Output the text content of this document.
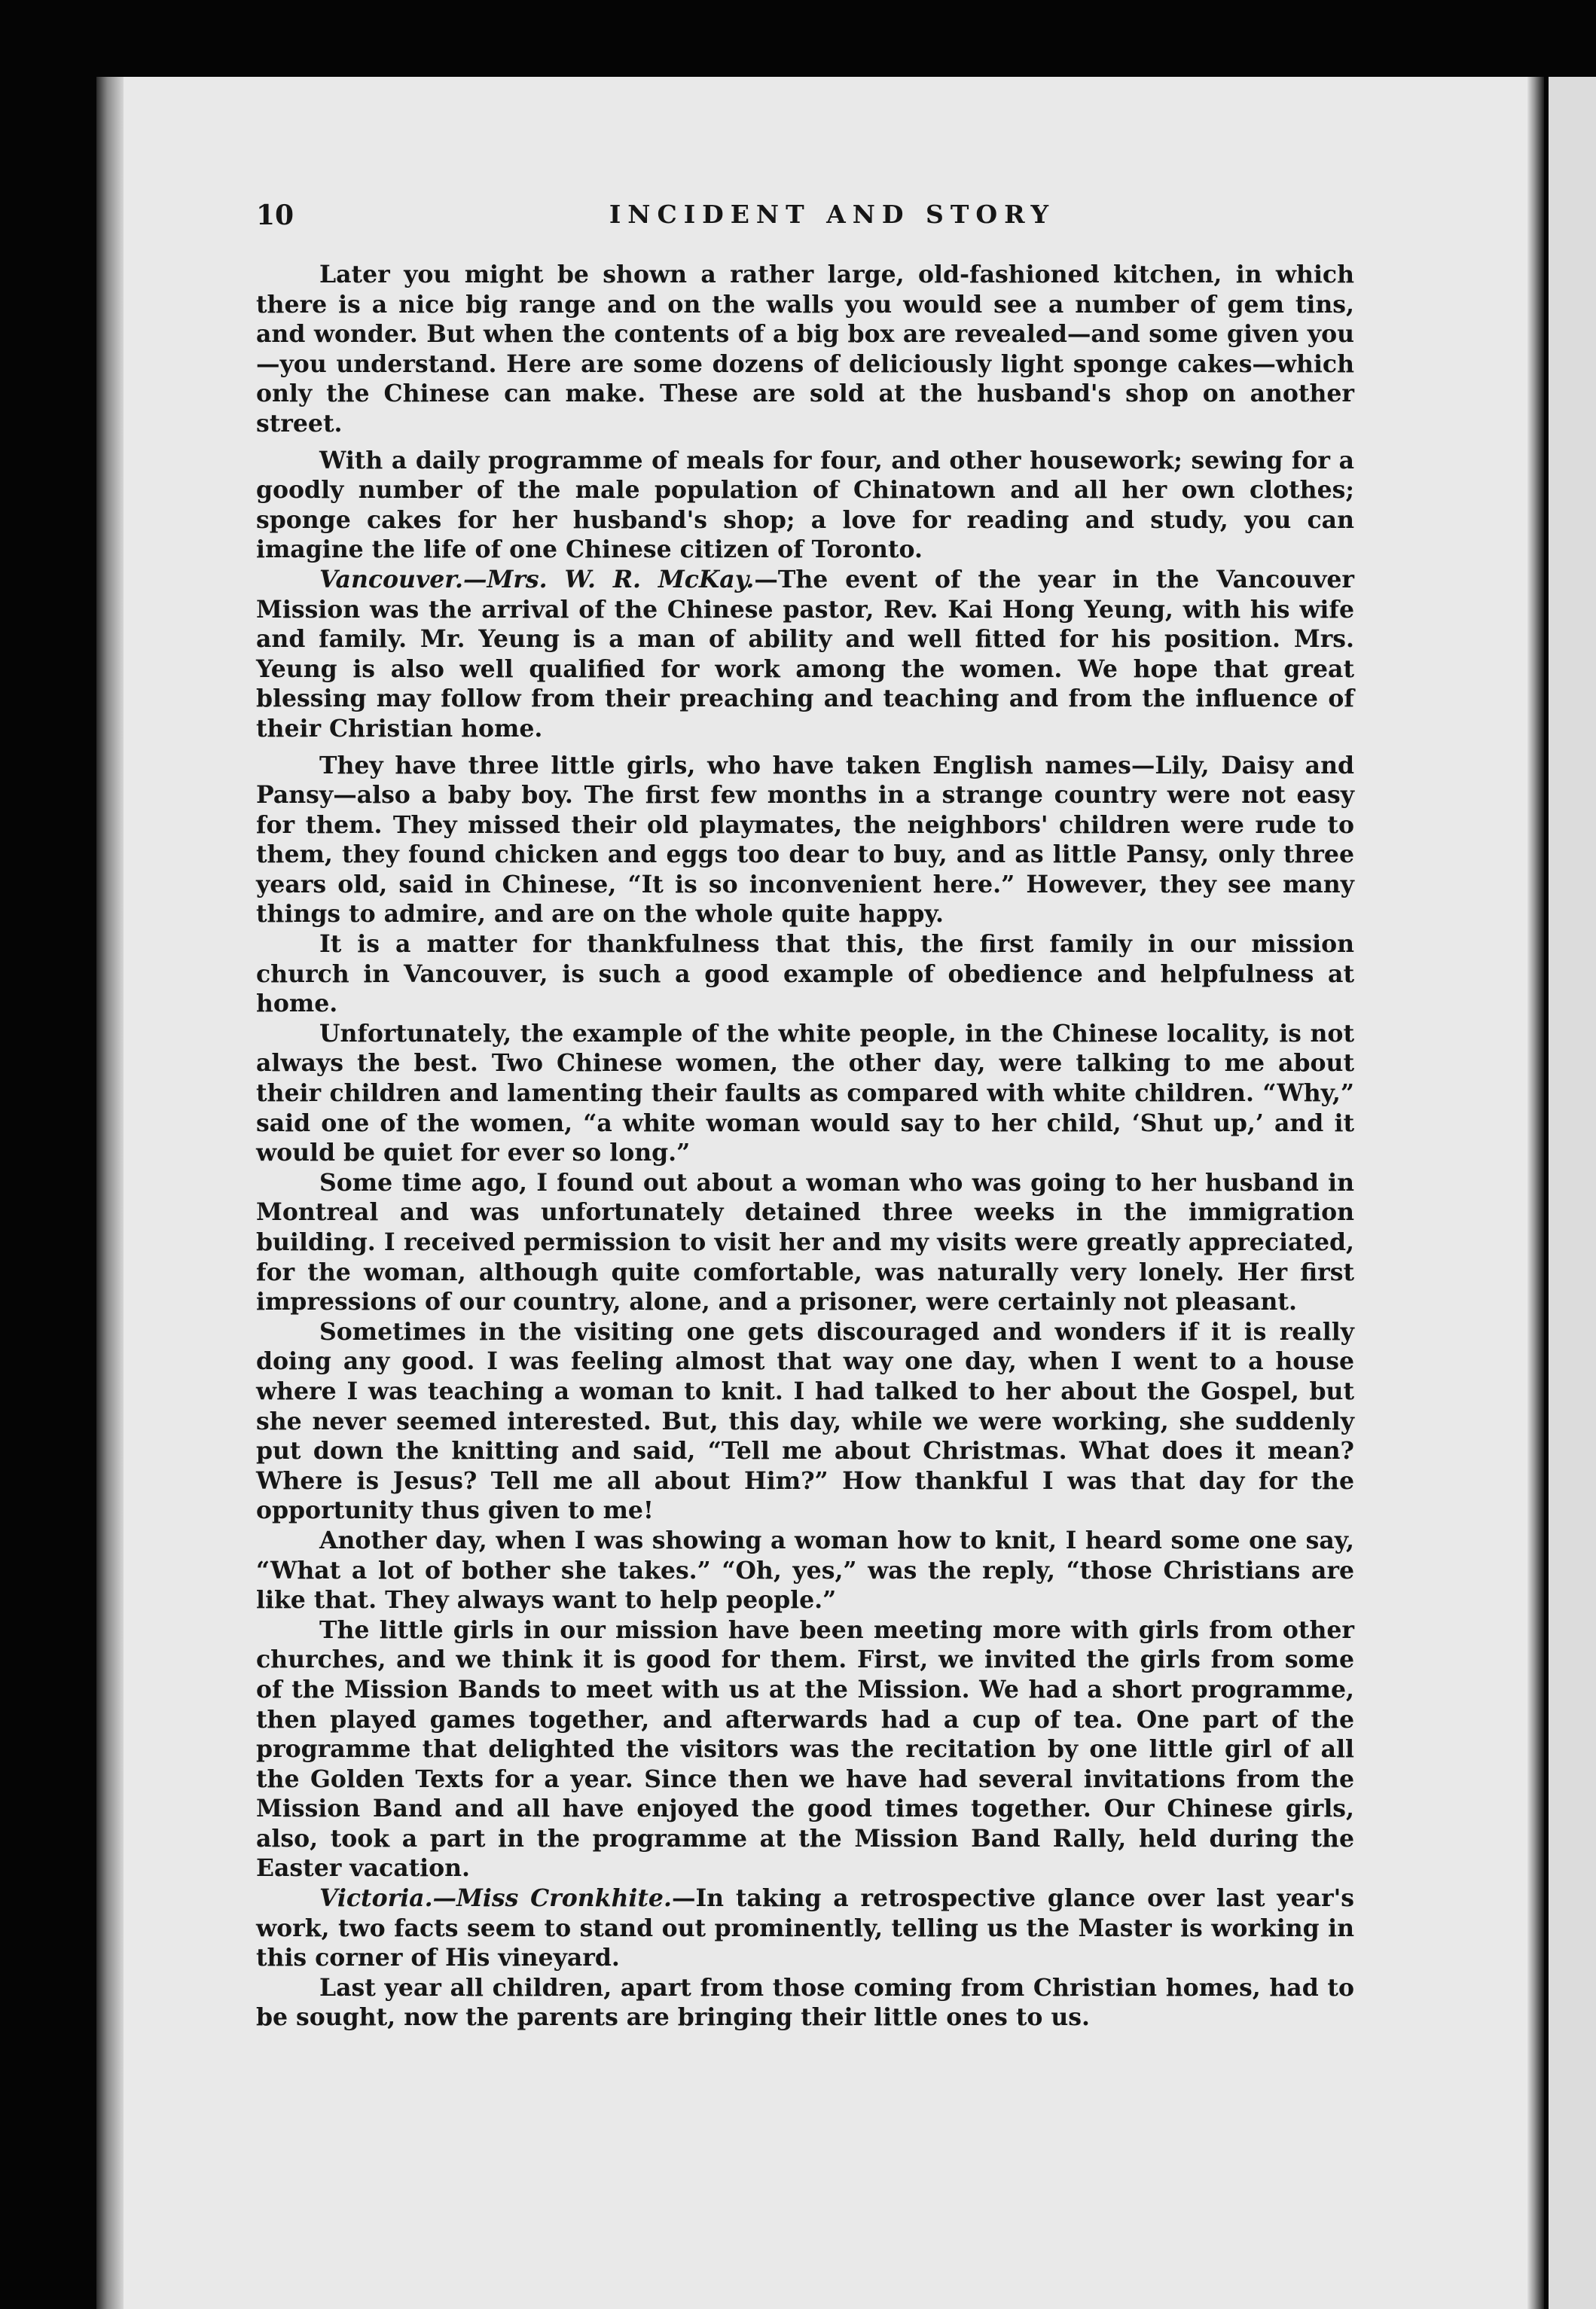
10	INCIDENT AND STORY

Later you might be shown a rather large, old-fashioned kitchen, in which there is a nice big range and on the walls you would see a number of gem tins, and wonder. But when the contents of a big box are revealed—and some given you—you understand. Here are some dozens of deliciously light sponge cakes—which only the Chinese can make. These are sold at the husband's shop on another street.

With a daily programme of meals for four, and other housework; sewing for a goodly number of the male population of Chinatown and all her own clothes; sponge cakes for her husband's shop; a love for reading and study, you can imagine the life of one Chinese citizen of Toronto.

Vancouver.—Mrs. W. R. McKay.—The event of the year in the Vancouver Mission was the arrival of the Chinese pastor, Rev. Kai Hong Yeung, with his wife and family. Mr. Yeung is a man of ability and well fitted for his position. Mrs. Yeung is also well qualified for work among the women. We hope that great blessing may follow from their preaching and teaching and from the influence of their Christian home.

They have three little girls, who have taken English names—Lily, Daisy and Pansy—also a baby boy. The first few months in a strange country were not easy for them. They missed their old playmates, the neighbors' children were rude to them, they found chicken and eggs too dear to buy, and as little Pansy, only three years old, said in Chinese, “It is so inconvenient here.” However, they see many things to admire, and are on the whole quite happy.

It is a matter for thankfulness that this, the first family in our mission church in Vancouver, is such a good example of obedience and helpfulness at home.

Unfortunately, the example of the white people, in the Chinese locality, is not always the best. Two Chinese women, the other day, were talking to me about their children and lamenting their faults as compared with white children. “Why,” said one of the women, “a white woman would say to her child, ‘Shut up,’ and it would be quiet for ever so long.”

Some time ago, I found out about a woman who was going to her husband in Montreal and was unfortunately detained three weeks in the immigration building. I received permission to visit her and my visits were greatly appreciated, for the woman, although quite comfortable, was naturally very lonely. Her first impressions of our country, alone, and a prisoner, were certainly not pleasant.

Sometimes in the visiting one gets discouraged and wonders if it is really doing any good. I was feeling almost that way one day, when I went to a house where I was teaching a woman to knit. I had talked to her about the Gospel, but she never seemed interested. But, this day, while we were working, she suddenly put down the knitting and said, “Tell me about Christmas. What does it mean? Where is Jesus? Tell me all about Him?” How thankful I was that day for the opportunity thus given to me!

Another day, when I was showing a woman how to knit, I heard some one say, “What a lot of bother she takes.” “Oh, yes,” was the reply, “those Christians are like that. They always want to help people.”

The little girls in our mission have been meeting more with girls from other churches, and we think it is good for them. First, we invited the girls from some of the Mission Bands to meet with us at the Mission. We had a short programme, then played games together, and afterwards had a cup of tea. One part of the programme that delighted the visitors was the recitation by one little girl of all the Golden Texts for a year. Since then we have had several invitations from the Mission Band and all have enjoyed the good times together. Our Chinese girls, also, took a part in the programme at the Mission Band Rally, held during the Easter vacation.

Victoria.—Miss Cronkhite.—In taking a retrospective glance over last year's work, two facts seem to stand out prominently, telling us the Master is working in this corner of His vineyard.

Last year all children, apart from those coming from Christian homes, had to be sought, now the parents are bringing their little ones to us.
